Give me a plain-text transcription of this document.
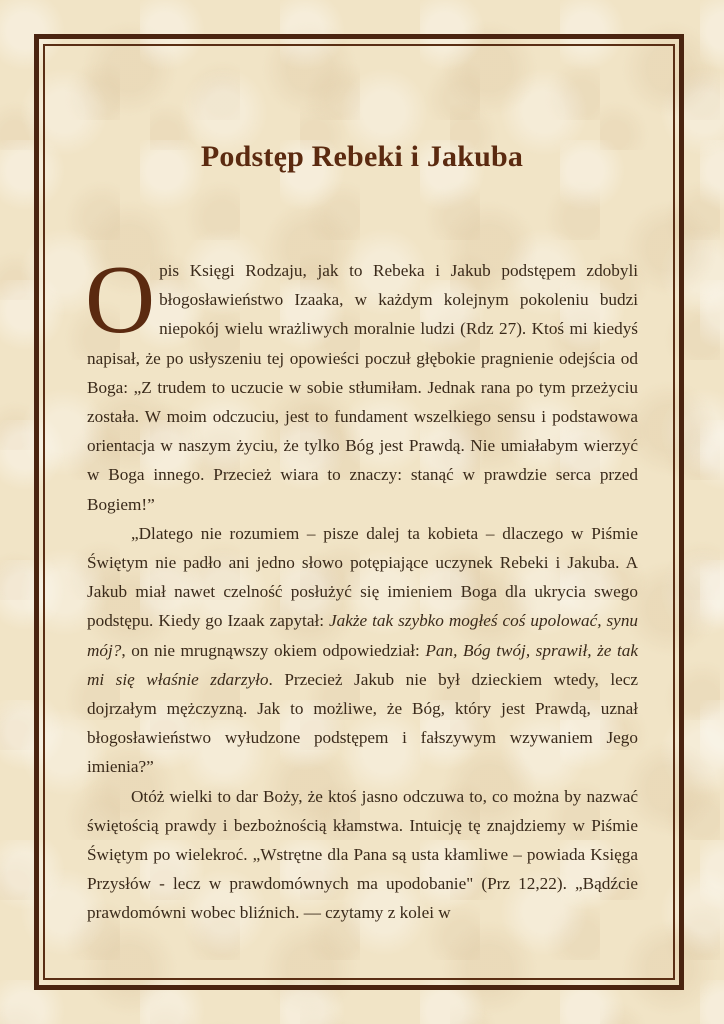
Podstęp Rebeki i Jakuba

Opis Księgi Rodzaju, jak to Rebeka i Jakub podstępem zdobyli błogosławieństwo Izaaka, w każdym kolejnym pokoleniu budzi niepokój wielu wrażliwych moralnie ludzi (Rdz 27). Ktoś mi kiedyś napisał, że po usłyszeniu tej opowieści poczuł głębokie pragnienie odejścia od Boga: „Z trudem to uczucie w sobie stłumiłam. Jednak rana po tym przeżyciu została. W moim odczuciu, jest to fundament wszelkiego sensu i podstawowa orientacja w naszym życiu, że tylko Bóg jest Prawdą. Nie umiałabym wierzyć w Boga innego. Przecież wiara to znaczy: stanąć w prawdzie serca przed Bogiem!”

„Dlatego nie rozumiem – pisze dalej ta kobieta – dlaczego w Piśmie Świętym nie padło ani jedno słowo potępiające uczynek Rebeki i Jakuba. A Jakub miał nawet czelność posłużyć się imieniem Boga dla ukrycia swego podstępu. Kiedy go Izaak zapytał: Jakże tak szybko mogłeś coś upolować, synu mój?, on nie mrugnąwszy okiem odpowiedział: Pan, Bóg twój, sprawił, że tak mi się właśnie zdarzyło. Przecież Jakub nie był dzieckiem wtedy, lecz dojrzałym mężczyzną. Jak to możliwe, że Bóg, który jest Prawdą, uznał błogosławieństwo wyłudzone podstępem i fałszywym wzywaniem Jego imienia?”

Otóż wielki to dar Boży, że ktoś jasno odczuwa to, co można by nazwać świętością prawdy i bezbożnością kłamstwa. Intuicję tę znajdziemy w Piśmie Świętym po wielekroć. „Wstrętne dla Pana są usta kłamliwe – powiada Księga Przysłów - lecz w prawdomównych ma upodobanie" (Prz 12,22). „Bądźcie prawdomówni wobec bliźnich. — czytamy z kolei w
